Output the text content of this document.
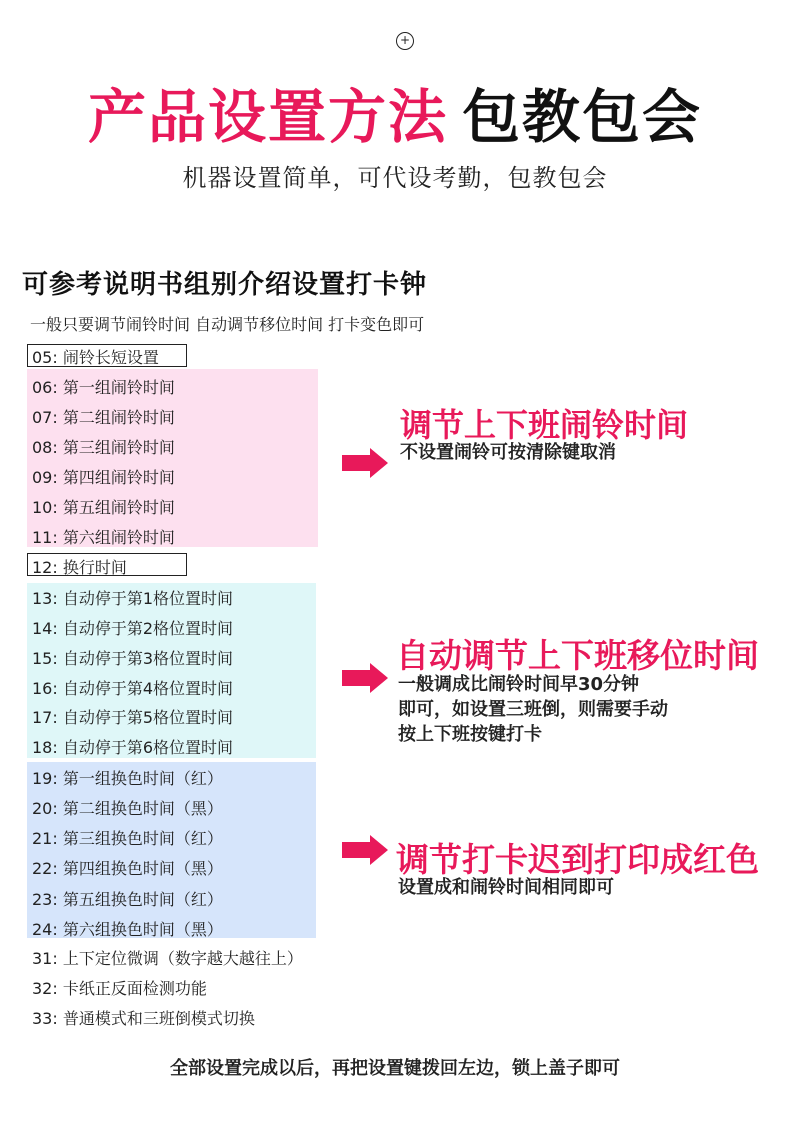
+
产品设置方法 包教包会
机器设置简单，可代设考勤，包教包会
可参考说明书组别介绍设置打卡钟
一般只要调节闹铃时间 自动调节移位时间 打卡变色即可
05: 闹铃长短设置
06: 第一组闹铃时间
07: 第二组闹铃时间
08: 第三组闹铃时间
09: 第四组闹铃时间
10: 第五组闹铃时间
11: 第六组闹铃时间
12: 换行时间
13: 自动停于第1格位置时间
14: 自动停于第2格位置时间
15: 自动停于第3格位置时间
16: 自动停于第4格位置时间
17: 自动停于第5格位置时间
18: 自动停于第6格位置时间
19: 第一组换色时间（红）
20: 第二组换色时间（黑）
21: 第三组换色时间（红）
22: 第四组换色时间（黑）
23: 第五组换色时间（红）
24: 第六组换色时间（黑）
31: 上下定位微调（数字越大越往上）
32: 卡纸正反面检测功能
33: 普通模式和三班倒模式切换
调节上下班闹铃时间
不设置闹铃可按清除键取消
自动调节上下班移位时间
一般调成比闹铃时间早30分钟
即可，如设置三班倒，则需要手动
按上下班按键打卡
调节打卡迟到打印成红色
设置成和闹铃时间相同即可
全部设置完成以后，再把设置键拨回左边，锁上盖子即可
